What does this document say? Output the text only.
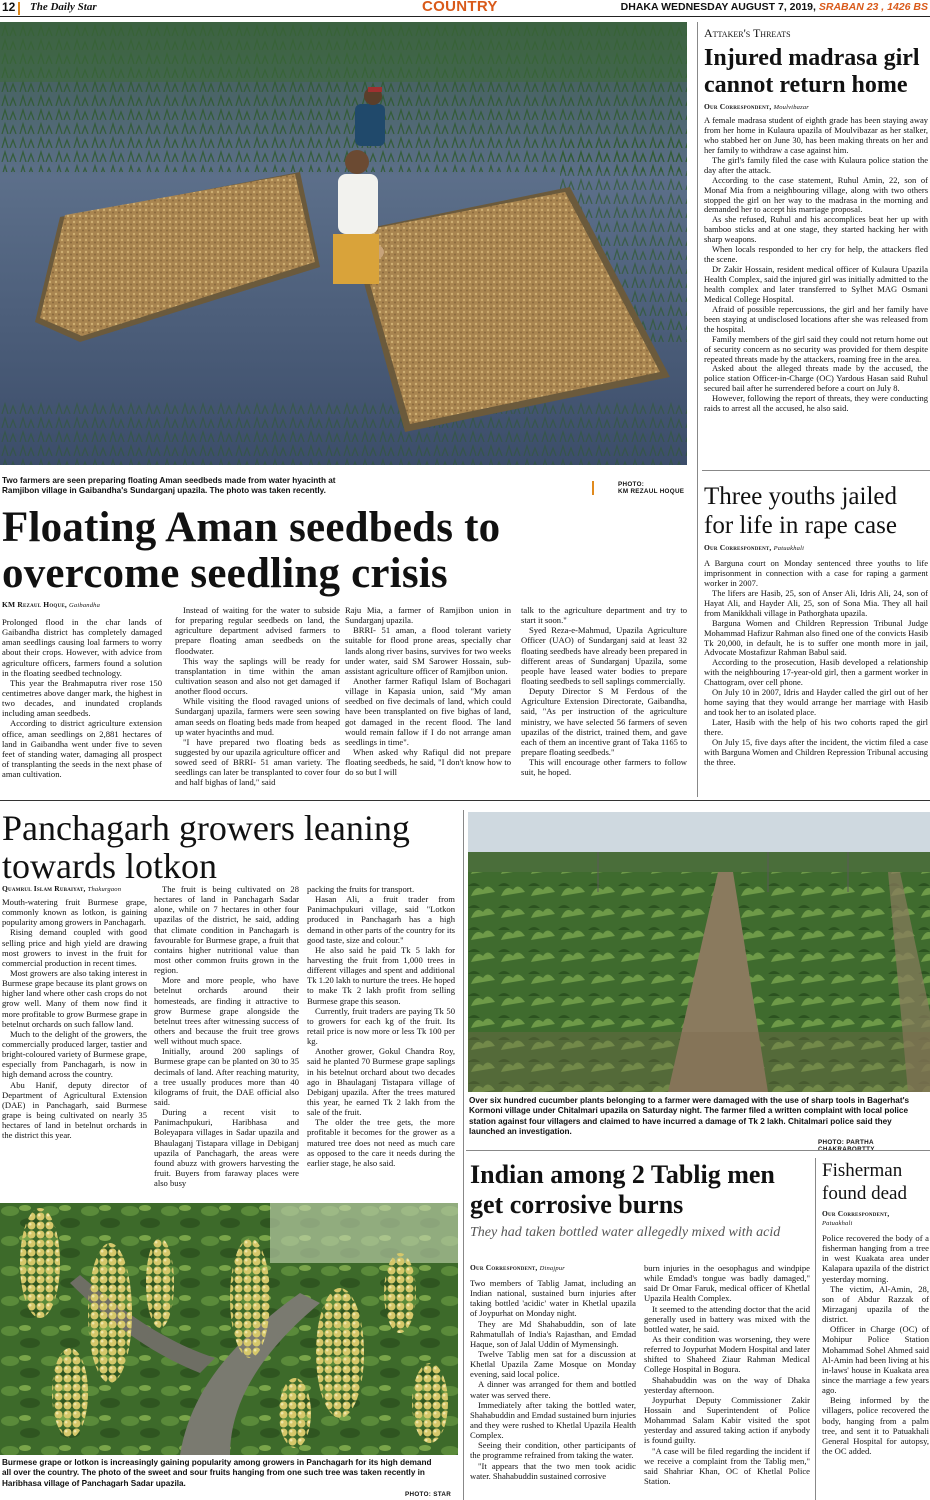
12 The Daily Star	COUNTRY	DHAKA WEDNESDAY AUGUST 7, 2019, SRABAN 23 , 1426 BS
Two farmers are seen preparing floating Aman seedbeds made from water hyacinth at Ramjibon village in Gaibandha's Sundarganj upazila. The photo was taken recently.
PHOTO:
KM REZAUL HOQUE
Floating Aman seedbeds to overcome seedling crisis
KM Rezaul Hoque, Gaibandha

Prolonged flood in the char lands of Gaibandha district has completely damaged aman seedlings causing loal farmers to worry about their crops. However, with advice from agriculture officers, farmers found a solution in the floating seedbed technology.

This year the Brahmaputra river rose 150 centimetres above danger mark, the highest in two decades, and inundated croplands including aman seedbeds.

According to district agriculture extension office, aman seedlings on 2,881 hectares of land in Gaibandha went under five to seven feet of standing water, damaging all prospect of transplanting the seeds in the next phase of aman cultivation.

Instead of waiting for the water to subside for preparing regular seedbeds on land, the agriculture department advised farmers to prepare floating aman seedbeds on the floodwater.

This way the saplings will be ready for transplantation in time within the aman cultivation season and also not get damaged if another flood occurs.

While visiting the flood ravaged unions of Sundarganj upazila, farmers were seen sowing aman seeds on floating beds made from heaped up water hyacinths and mud.

"I have prepared two floating beds as suggested by our upazila agriculture officer and sowed seed of BRRI- 51 aman variety. The seedlings can later be transplanted to cover four and half bighas of land," said

Raju Mia, a farmer of Ramjibon union in Sundarganj upazila.

BRRI- 51 aman, a flood tolerant variety suitable for flood prone areas, specially char lands along river basins, survives for two weeks under water, said SM Sarower Hossain, sub-assistant agriculture officer of Ramjibon union.

Another farmer Rafiqul Islam of Bochagari village in Kapasia union, said "My aman seedbed on five decimals of land, which could have been transplanted on five bighas of land, got damaged in the recent flood. The land would remain fallow if I do not arrange aman seedlings in time".

When asked why Rafiqul did not prepare floating seedbeds, he said, "I don't know how to do so but I will

talk to the agriculture department and try to start it soon."

Syed Reza-e-Mahmud, Upazila Agriculture Officer (UAO) of Sundarganj said at least 32 floating seedbeds have already been prepared in different areas of Sundarganj Upazila, some people have leased water bodies to prepare floating seedbeds to sell saplings commercially.

Deputy Director S M Ferdous of the Agriculture Extension Directorate, Gaibandha, said, "As per instruction of the agriculture ministry, we have selected 56 farmers of seven upazilas of the district, trained them, and gave each of them an incentive grant of Taka 1165 to prepare floating seedbeds."

This will encourage other farmers to follow suit, he hoped.

Attaker's Threats
Injured madrasa girl cannot return home
Our Correspondent, Moulvibazar

A female madrasa student of eighth grade has been staying away from her home in Kulaura upazila of Moulvibazar as her stalker, who stabbed her on June 30, has been making threats on her and her family to withdraw a case against him.

The girl's family filed the case with Kulaura police station the day after the attack.

According to the case statement, Ruhul Amin, 22, son of Monaf Mia from a neighbouring village, along with two others stopped the girl on her way to the madrasa in the morning and demanded her to accept his marriage proposal.

As she refused, Ruhul and his accomplices beat her up with bamboo sticks and at one stage, they started hacking her with sharp weapons.

When locals responded to her cry for help, the attackers fled the scene.

Dr Zakir Hossain, resident medical officer of Kulaura Upazila Health Complex, said the injured girl was initially admitted to the health complex and later transferred to Sylhet MAG Osmani Medical College Hospital.

Afraid of possible repercussions, the girl and her family have been staying at undisclosed locations after she was released from the hospital.

Family members of the girl said they could not return home out of security concern as no security was provided for them despite repeated threats made by the attackers, roaming free in the area.

Asked about the alleged threats made by the accused, the police station Officer-in-Charge (OC) Yardous Hasan said Ruhul secured bail after he surrendered before a court on July 8.

However, following the report of threats, they were conducting raids to arrest all the accused, he also said.

Three youths jailed for life in rape case
Our Correspondent, Patuakhali

A Barguna court on Monday sentenced three youths to life imprisonment in connection with a case for raping a garment worker in 2007.

The lifers are Hasib, 25, son of Anser Ali, Idris Ali, 24, son of Hayat Ali, and Hayder Ali, 25, son of Sona Mia. They all hail from Manikkhali village in Pathorghata upazila.

Barguna Women and Children Repression Tribunal Judge Mohammad Hafizur Rahman also fined one of the convicts Hasib Tk 20,000, in default, he is to suffer one month more in jail, Advocate Mostafizur Rahman Babul said.

According to the prosecution, Hasib developed a relationship with the neighbouring 17-year-old girl, then a garment worker in Chattogram, over cell phone.

On July 10 in 2007, Idris and Hayder called the girl out of her home saying that they would arrange her marriage with Hasib and took her to an isolated place.

Later, Hasib with the help of his two cohorts raped the girl there.

On July 15, five days after the incident, the victim filed a case with Barguna Women and Children Repression Tribunal accusing the three.

Panchagarh growers leaning towards lotkon
Quamrul Islam Rubaiyat, Thakurgaon

Mouth-watering fruit Burmese grape, commonly known as lotkon, is gaining popularity among growers in Panchagarh.

Rising demand coupled with good selling price and high yield are drawing most growers to invest in the fruit for commercial production in recent times.

Most growers are also taking interest in Burmese grape because its plant grows on higher land where other cash crops do not grow well. Many of them now find it more profitable to grow Burmese grape in betelnut orchards on such fallow land.

Much to the delight of the growers, the commercially produced larger, tastier and bright-coloured variety of Burmese grape, especially from Panchagarh, is now in high demand across the country.

Abu Hanif, deputy director of Department of Agricultural Extension (DAE) in Panchagarh, said Burmese grape is being cultivated on nearly 35 hectares of land in betelnut orchards in the district this year.

The fruit is being cultivated on 28 hectares of land in Panchagarh Sadar alone, while on 7 hectares in other four upazilas of the district, he said, adding that climate condition in Panchagarh is favourable for Burmese grape, a fruit that contains higher nutritional value than most other common fruits grown in the region.

More and more people, who have betelnut orchards around their homesteads, are finding it attractive to grow Burmese grape alongside the betelnut trees after witnessing success of others and because the fruit tree grows well without much space.

Initially, around 200 saplings of Burmese grape can be planted on 30 to 35 decimals of land. After reaching maturity, a tree usually produces more than 40 kilograms of fruit, the DAE official also said.

During a recent visit to Panimachpukuri, Haribhasa and Boleyapara villages in Sadar upazila and Bhaulaganj Tistapara village in Debiganj upazila of Panchagarh, the areas were found abuzz with growers harvesting the fruit. Buyers from faraway places were also busy

packing the fruits for transport.

Hasan Ali, a fruit trader from Panimachpukuri village, said "Lotkon produced in Panchagarh has a high demand in other parts of the country for its good taste, size and colour."

He also said he paid Tk 5 lakh for harvesting the fruit from 1,000 trees in different villages and spent and additional Tk 1.20 lakh to nurture the trees. He hoped to make Tk 2 lakh profit from selling Burmese grape this season.

Currently, fruit traders are paying Tk 50 to growers for each kg of the fruit. Its retail price is now more or less Tk 100 per kg.

Another grower, Gokul Chandra Roy, said he planted 70 Burmese grape saplings in his betelnut orchard about two decades ago in Bhaulaganj Tistapara village of Debiganj upazila. After the trees matured this year, he earned Tk 2 lakh from the sale of the fruit.

The older the tree gets, the more profitable it becomes for the grower as a matured tree does not need as much care as opposed to the care it needs during the earlier stage, he also said.

Burmese grape or lotkon is increasingly gaining popularity among growers in Panchagarh for its high demand all over the country. The photo of the sweet and sour fruits hanging from one such tree was taken recently in Haribhasa village of Panchagarh Sadar upazila.
PHOTO: STAR
Over six hundred cucumber plants belonging to a farmer were damaged with the use of sharp tools in Bagerhat's Kormoni village under Chitalmari upazila on Saturday night. The farmer filed a written complaint with local police station against four villagers and claimed to have incurred a damage of Tk 2 lakh. Chitalmari police said they launched an investigation.
PHOTO: PARTHA
Indian among 2 Tablig men get corrosive burns
They had taken bottled water allegedly mixed with acid
Our Correspondent, Dinajpur

Two members of Tablig Jamat, including an Indian national, sustained burn injuries after taking bottled 'acidic' water in Khetlal upazila of Joypurhat on Monday night.

They are Md Shahabuddin, son of late Rahmatullah of India's Rajasthan, and Emdad Haque, son of Jalal Uddin of Mymensingh.

Twelve Tablig men sat for a discussion at Khetlal Upazila Zame Mosque on Monday evening, said local police.

A dinner was arranged for them and bottled water was served there.

Immediately after taking the bottled water, Shahabuddin and Emdad sustained burn injuries and they were rushed to Khetlal Upazila Health Complex.

Seeing their condition, other participants of the programme refrained from taking the water.

"It appears that the two men took acidic water. Shahabuddin sustained corrosive

burn injuries in the oesophagus and windpipe while Emdad's tongue was badly damaged," said Dr Omar Faruk, medical officer of Khetlal Upazila Health Complex.

It seemed to the attending doctor that the acid generally used in battery was mixed with the bottled water, he said.

As their condition was worsening, they were referred to Joypurhat Modern Hospital and later shifted to Shaheed Ziaur Rahman Medical College Hospital in Bogura.

Shahabuddin was on the way of Dhaka yesterday afternoon.

Joypurhat Deputy Commissioner Zakir Hossain and Superintendent of Police Mohammad Salam Kabir visited the spot yesterday and assured taking action if anybody is found guilty.

"A case will be filed regarding the incident if we receive a complaint from the Tablig men," said Shahriar Khan, OC of Khetlal Police Station.

Fisherman found dead
Our Correspondent,
Patuakhali

Police recovered the body of a fisherman hanging from a tree in west Kuakata area under Kalapara upazila of the district yesterday morning.

The victim, Al-Amin, 28, son of Abdur Razzak of Mirzaganj upazila of the district.

Officer in Charge (OC) of Mohipur Police Station Mohammad Sohel Ahmed said Al-Amin had been living at his in-laws' house in Kuakata area since the marriage a few years ago.

Being informed by the villagers, police recovered the body, hanging from a palm tree, and sent it to Patuakhali General Hospital for autopsy, the OC added.
